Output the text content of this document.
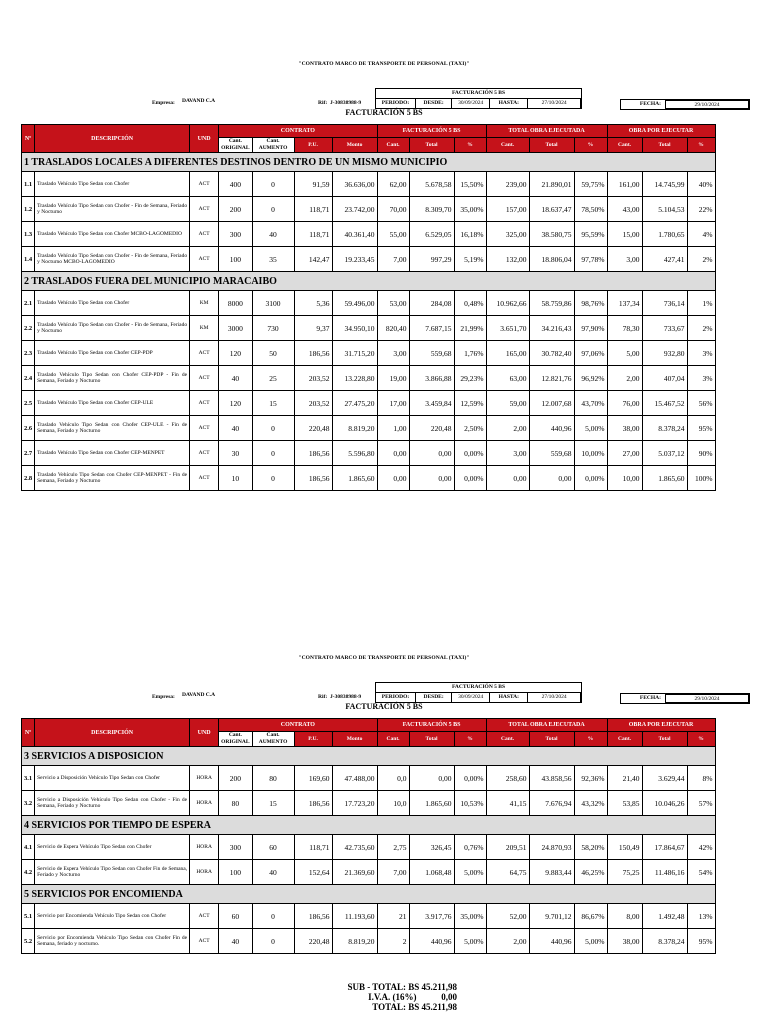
"CONTRATO MARCO DE TRANSPORTE DE PERSONAL (TAXI)"
FACTURACIÓN 5 BS
PERIODO:	DESDE:	30/09/2024	HASTA:	27/10/2024
Empresa: DAVAND C.A	Rif: J-30838988-9	FECHA:	29/10/2024
FACTURACIÓN 5 BS
Nº	DESCRIPCIÓN	UND	CONTRATO				FACTURACIÓN 5 BS			TOTAL OBRA EJECUTADA			OBRA POR EJECUTAR		
			Cant. ORIGINAL	Cant. AUMENTO	P.U.	Monto	Cant.	Total	%	Cant.	Total	%	Cant.	Total	%
1 TRASLADOS LOCALES A DIFERENTES DESTINOS DENTRO DE UN MISMO MUNICIPIO															
1.1	Traslado Vehículo Tipo Sedan con Chofer	ACT	400	0	91,59	36.636,00	62,00	5.678,58	15,50%	239,00	21.890,01	59,75%	161,00	14.745,99	40%
1.2	Traslado Vehículo Tipo Sedan con Chofer - Fin de Semana, Feriado y Nocturno	ACT	200	0	118,71	23.742,00	70,00	8.309,70	35,00%	157,00	18.637,47	78,50%	43,00	5.104,53	22%
1.3	Traslado Vehículo Tipo Sedan con Chofer MCBO-LAGOMEDIO	ACT	300	40	118,71	40.361,40	55,00	6.529,05	16,18%	325,00	38.580,75	95,59%	15,00	1.780,65	4%
1.4	Traslado Vehículo Tipo Sedan con Chofer - Fin de Semana, Feriado y Nocturno MCBO-LAGOMEDIO	ACT	100	35	142,47	19.233,45	7,00	997,29	5,19%	132,00	18.806,04	97,78%	3,00	427,41	2%
2 TRASLADOS FUERA DEL MUNICIPIO MARACAIBO															
2.1	Traslado Vehículo Tipo Sedan con Chofer	KM	8000	3100	5,36	59.496,00	53,00	284,08	0,48%	10.962,66	58.759,86	98,76%	137,34	736,14	1%
2.2	Traslado Vehículo Tipo Sedan con Chofer - Fin de Semana, Feriado y Nocturno	KM	3000	730	9,37	34.950,10	820,40	7.687,15	21,99%	3.651,70	34.216,43	97,90%	78,30	733,67	2%
2.3	Traslado Vehículo Tipo Sedan con Chofer CEP-PDP	ACT	120	50	186,56	31.715,20	3,00	559,68	1,76%	165,00	30.782,40	97,06%	5,00	932,80	3%
2.4	Traslado Vehículo Tipo Sedan con Chofer CEP-PDP - Fin de Semana, Feriado y Nocturno	ACT	40	25	203,52	13.228,80	19,00	3.866,88	29,23%	63,00	12.821,76	96,92%	2,00	407,04	3%
2.5	Traslado Vehículo Tipo Sedan con Chofer CEP-ULE	ACT	120	15	203,52	27.475,20	17,00	3.459,84	12,59%	59,00	12.007,68	43,70%	76,00	15.467,52	56%
2.6	Traslado Vehículo Tipo Sedan con Chofer CEP-ULE - Fin de Semana, Feriado y Nocturno	ACT	40	0	220,48	8.819,20	1,00	220,48	2,50%	2,00	440,96	5,00%	38,00	8.378,24	95%
2.7	Traslado Vehículo Tipo Sedan con Chofer CEP-MENPET	ACT	30	0	186,56	5.596,80	0,00	0,00	0,00%	3,00	559,68	10,00%	27,00	5.037,12	90%
2.8	Traslado Vehículo Tipo Sedan con Chofer CEP-MENPET - Fin de Semana, Feriado y Nocturno	ACT	10	0	186,56	1.865,60	0,00	0,00	0,00%	0,00	0,00	0,00%	10,00	1.865,60	100%
"CONTRATO MARCO DE TRANSPORTE DE PERSONAL (TAXI)"
FACTURACIÓN 5 BS
PERIODO:	DESDE:	30/09/2024	HASTA:	27/10/2024
Empresa: DAVAND C.A	Rif: J-30838988-9	FECHA:	29/10/2024
FACTURACIÓN 5 BS
Nº	DESCRIPCIÓN	UND	CONTRATO				FACTURACIÓN 5 BS			TOTAL OBRA EJECUTADA			OBRA POR EJECUTAR		
			Cant. ORIGINAL	Cant. AUMENTO	P.U.	Monto	Cant.	Total	%	Cant.	Total	%	Cant.	Total	%
3 SERVICIOS A DISPOSICION															
3.1	Servicio a Disposición Vehículo Tipo Sedan con Chofer	HORA	200	80	169,60	47.488,00	0,0	0,00	0,00%	258,60	43.858,56	92,36%	21,40	3.629,44	8%
3.2	Servicio a Disposición Vehículo Tipo Sedan con Chofer - Fin de Semana, Feriado y Nocturno	HORA	80	15	186,56	17.723,20	10,0	1.865,60	10,53%	41,15	7.676,94	43,32%	53,85	10.046,26	57%
4 SERVICIOS POR TIEMPO DE ESPERA															
4.1	Servicio de Espera Vehículo Tipo Sedan con Chofer	HORA	300	60	118,71	42.735,60	2,75	326,45	0,76%	209,51	24.870,93	58,20%	150,49	17.864,67	42%
4.2	Servicio de Espera Vehículo Tipo Sedan con Chofer Fin de Semana, Feriado y Nocturno	HORA	100	40	152,64	21.369,60	7,00	1.068,48	5,00%	64,75	9.883,44	46,25%	75,25	11.486,16	54%
5 SERVICIOS POR ENCOMIENDA															
5.1	Servicio por Encomienda Vehículo Tipo Sedan con Chofer	ACT	60	0	186,56	11.193,60	21	3.917,76	35,00%	52,00	9.701,12	86,67%	8,00	1.492,48	13%
5.2	Servicio por Encomienda Vehículo Tipo Sedan con Chofer Fin de Semana, feriado y nocturno.	ACT	40	0	220,48	8.819,20	2	440,96	5,00%	2,00	440,96	5,00%	38,00	8.378,24	95%
SUB - TOTAL: BS 45.211,98
I.V.A. (16%)	0,00
TOTAL: BS 45.211,98
